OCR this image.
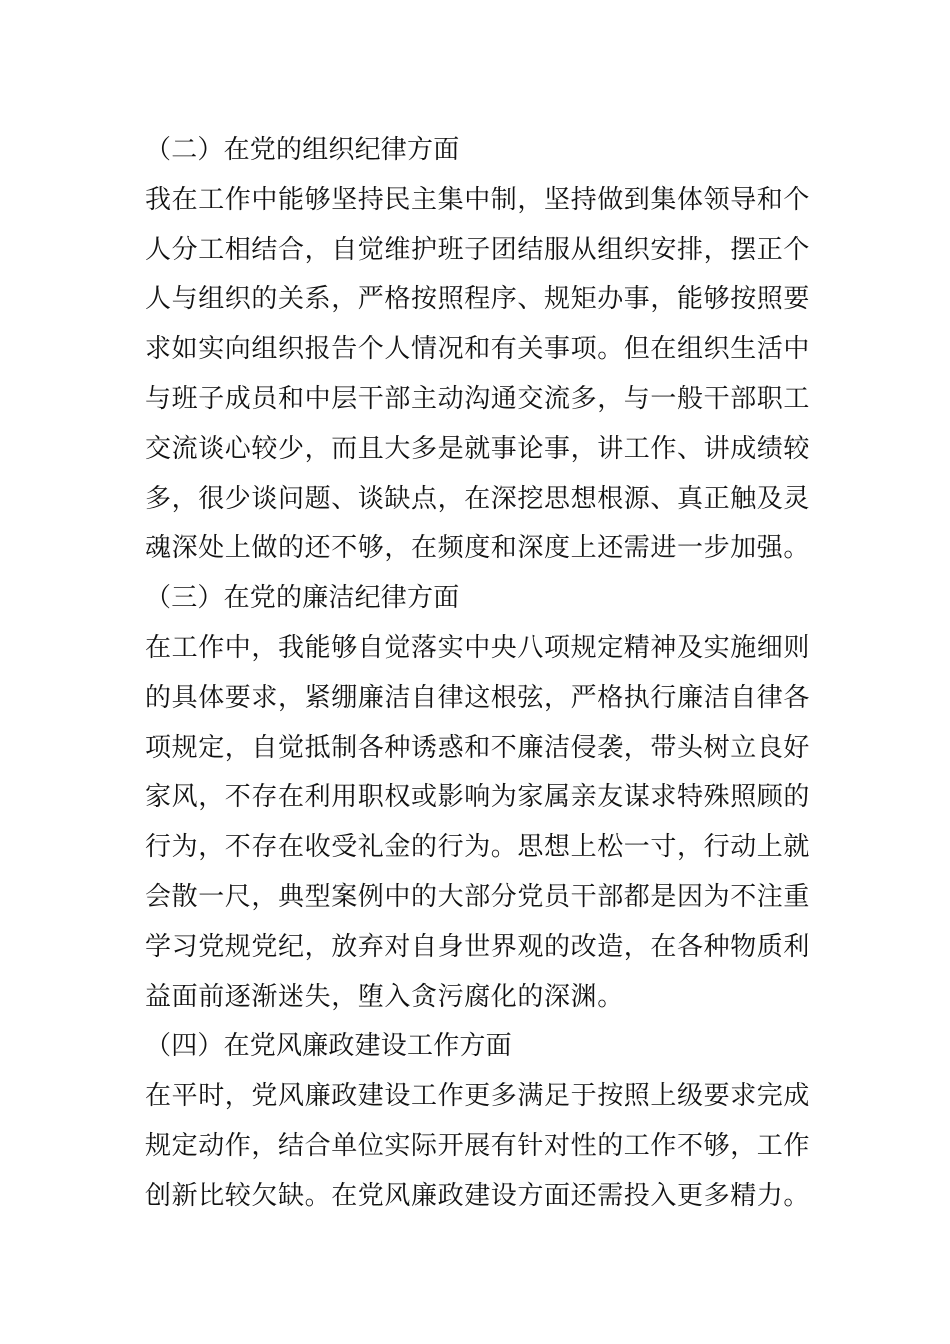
（二）在党的组织纪律方面
我在工作中能够坚持民主集中制，坚持做到集体领导和个
人分工相结合，自觉维护班子团结服从组织安排，摆正个
人与组织的关系，严格按照程序、规矩办事，能够按照要
求如实向组织报告个人情况和有关事项。但在组织生活中
与班子成员和中层干部主动沟通交流多，与一般干部职工
交流谈心较少，而且大多是就事论事，讲工作、讲成绩较
多，很少谈问题、谈缺点，在深挖思想根源、真正触及灵
魂深处上做的还不够，在频度和深度上还需进一步加强。
（三）在党的廉洁纪律方面
在工作中，我能够自觉落实中央八项规定精神及实施细则
的具体要求，紧绷廉洁自律这根弦，严格执行廉洁自律各
项规定，自觉抵制各种诱惑和不廉洁侵袭，带头树立良好
家风，不存在利用职权或影响为家属亲友谋求特殊照顾的
行为，不存在收受礼金的行为。思想上松一寸，行动上就
会散一尺，典型案例中的大部分党员干部都是因为不注重
学习党规党纪，放弃对自身世界观的改造，在各种物质利
益面前逐渐迷失，堕入贪污腐化的深渊。
（四）在党风廉政建设工作方面
在平时，党风廉政建设工作更多满足于按照上级要求完成
规定动作，结合单位实际开展有针对性的工作不够，工作
创新比较欠缺。在党风廉政建设方面还需投入更多精力。
